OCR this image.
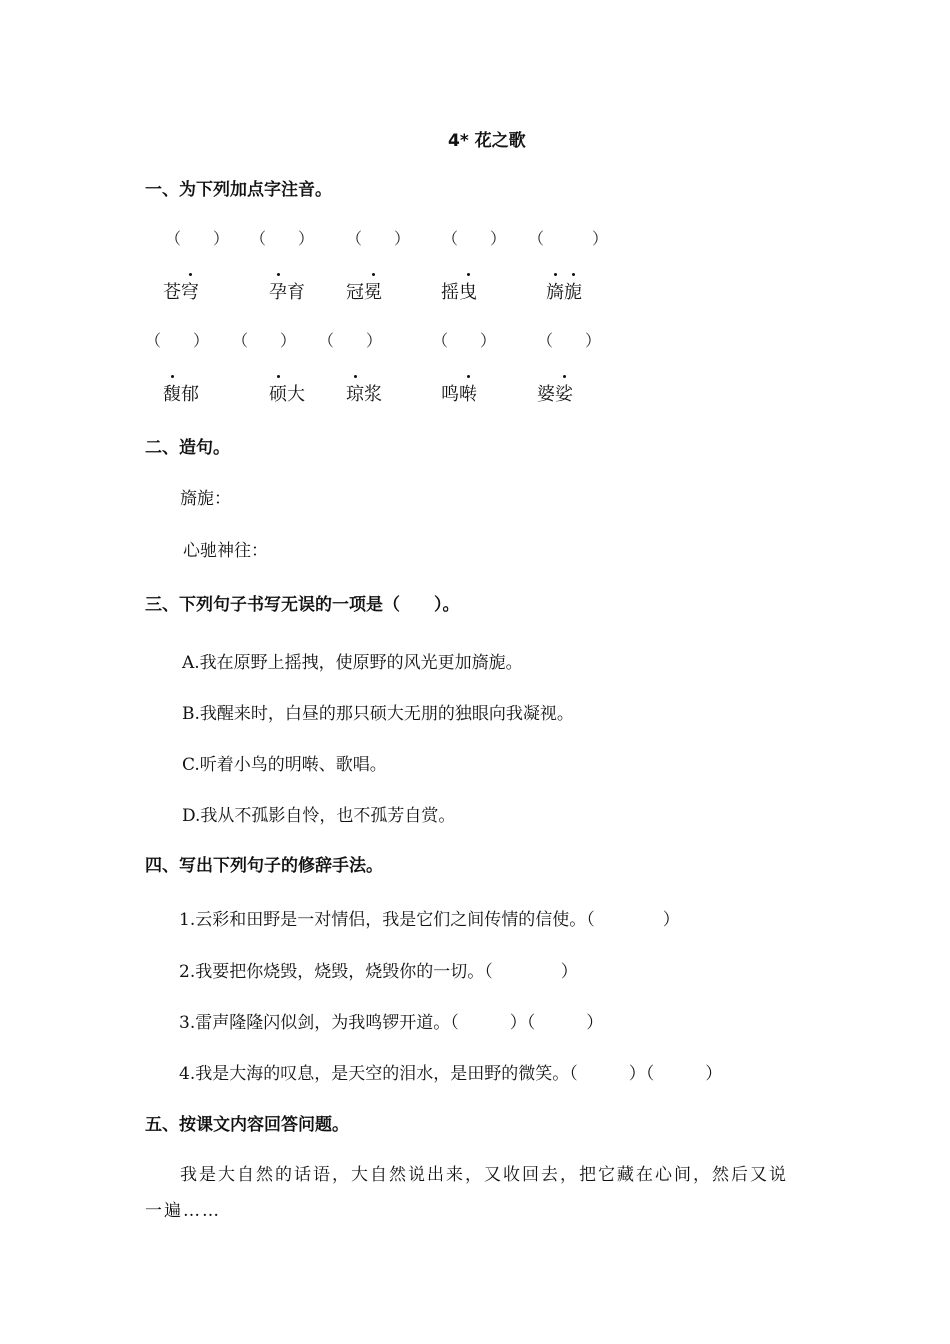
4* 花之歌
一、为下列加点字注音。
（　　） （　　） （　　） （　　） （　　　）
苍穹	孕育 冠冕	摇曳	旖旎
（　　） （　　） （　　）	（　　）	（　　）
馥郁	硕大 琼浆	鸣啭	婆娑
二、造句。
旖旎：
心驰神往：
三、下列句子书写无误的一项是（　　）。
A.我在原野上摇拽，使原野的风光更加旖旎。
B.我醒来时，白昼的那只硕大无朋的独眼向我凝视。
C.听着小鸟的明啭、歌唱。
D.我从不孤影自怜，也不孤芳自赏。
四、写出下列句子的修辞手法。
1.云彩和田野是一对情侣，我是它们之间传情的信使。（　　　　）
2.我要把你烧毁，烧毁，烧毁你的一切。（　　　　）
3.雷声隆隆闪似剑，为我鸣锣开道。（　　　）（　　　）
4.我是大海的叹息，是天空的泪水，是田野的微笑。（　　　）（　　　）
五、按课文内容回答问题。
我是大自然的话语，大自然说出来，又收回去，把它藏在心间，然后又说
一遍……
